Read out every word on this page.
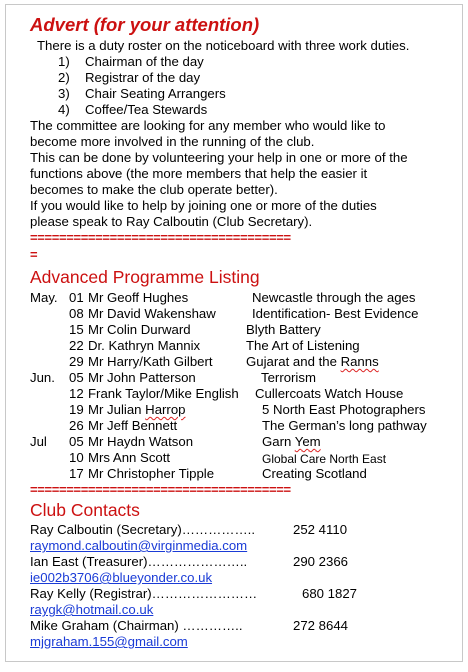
Advert (for your attention)
There is a duty roster on the noticeboard with three work duties.
1) Chairman of the day
2) Registrar of the day
3) Chair Seating Arrangers
4) Coffee/Tea Stewards
The committee are looking for any member who would like to
become more involved in the running of the club.
This can be done by volunteering your help in one or more of the
functions above (the more members that help the easier it
becomes to make the club operate better).
If you would like to help by joining one or more of the duties
please speak to Ray Calboutin (Club Secretary).
====================================
=
Advanced Programme Listing
May. 01 Mr Geoff Hughes	Newcastle through the ages
08 Mr David Wakenshaw	Identification- Best Evidence
15 Mr Colin Durward	Blyth Battery
22 Dr. Kathryn Mannix	The Art of Listening
29 Mr Harry/Kath Gilbert	Gujarat and the Ranns
Jun. 05 Mr John Patterson	Terrorism
12 Frank Taylor/Mike English Cullercoats Watch House
19 Mr Julian Harrop	5 North East Photographers
26 Mr Jeff Bennett	The German’s long pathway
Jul 05 Mr Haydn Watson	Garn Yem
10 Mrs Ann Scott	Global Care North East
17 Mr Christopher Tipple	Creating Scotland
====================================
Club Contacts
Ray Calboutin (Secretary)……………..	252 4110
raymond.calboutin@virginmedia.com
Ian East (Treasurer)…………………..	290 2366
ie002b3706@blueyonder.co.uk
Ray Kelly (Registrar)……………………	680 1827
raygk@hotmail.co.uk
Mike Graham (Chairman) …………..	272 8644
mjgraham.155@gmail.com
